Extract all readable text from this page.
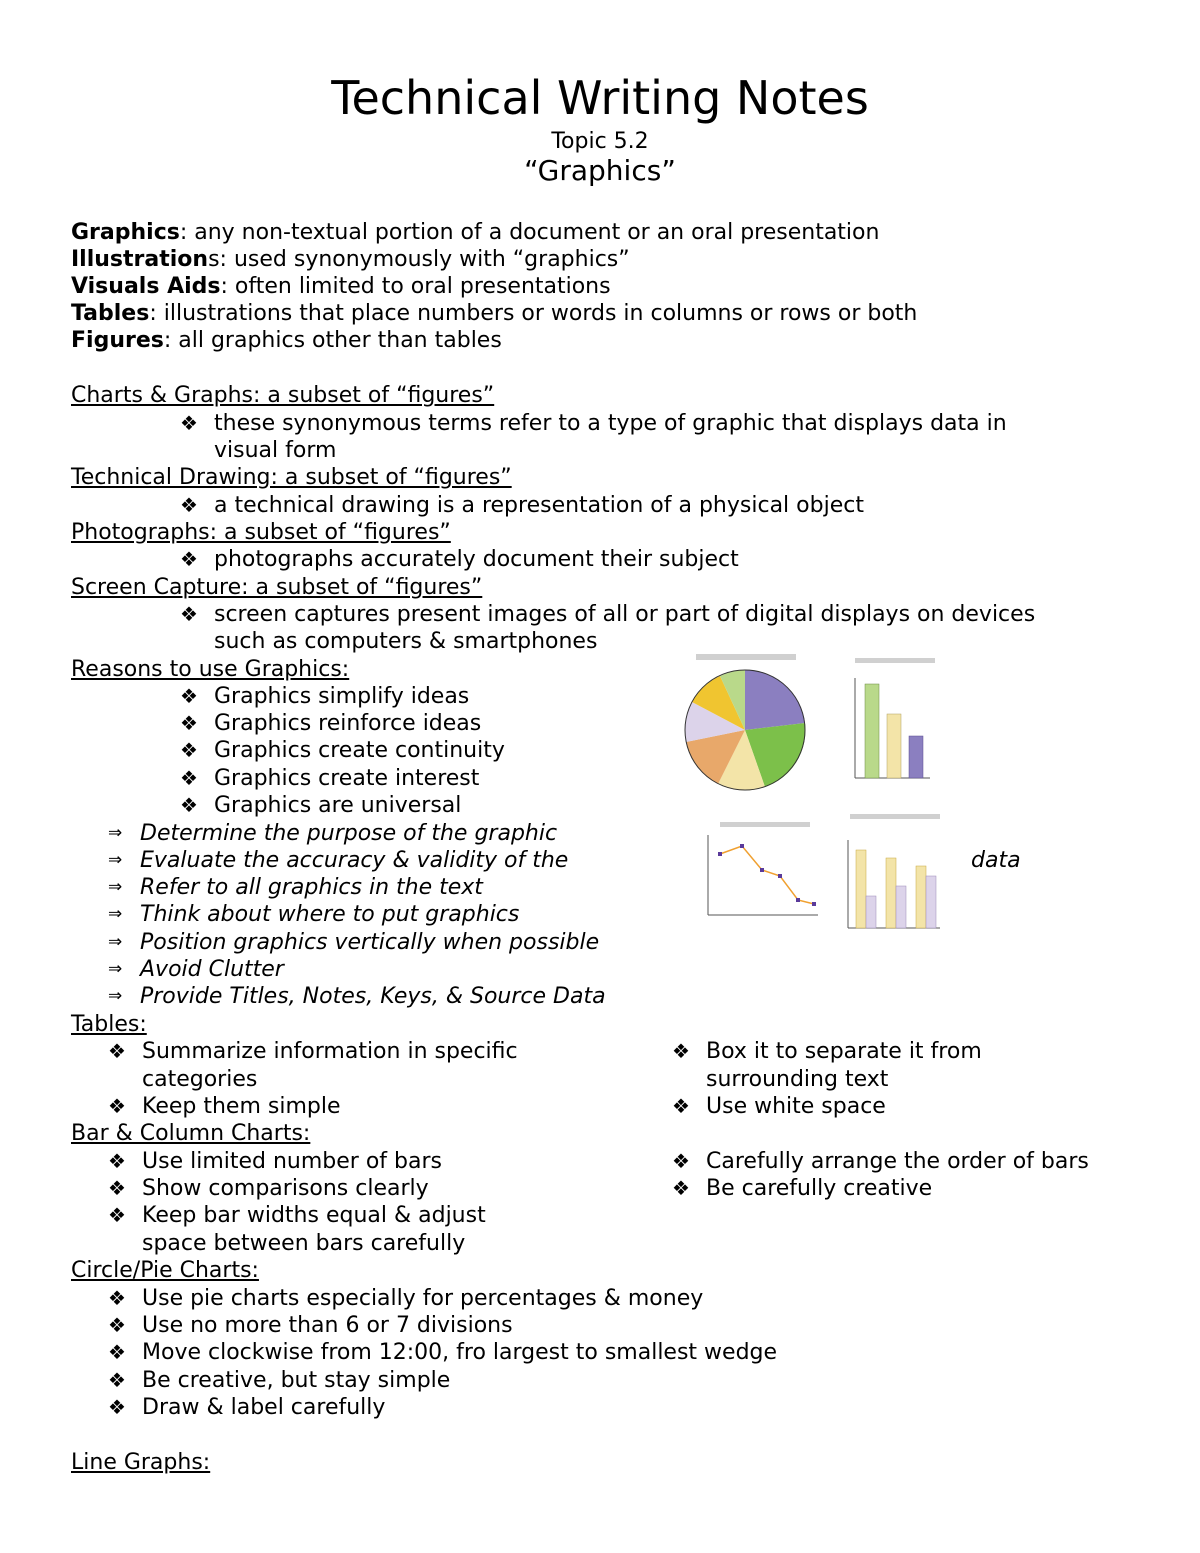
Technical Writing Notes
Topic 5.2
“Graphics”
Graphics: any non-textual portion of a document or an oral presentation
Illustrations: used synonymously with “graphics”
Visuals Aids: often limited to oral presentations
Tables: illustrations that place numbers or words in columns or rows or both
Figures: all graphics other than tables
Charts & Graphs: a subset of “figures”
❖ these synonymous terms refer to a type of graphic that displays data in
visual form
Technical Drawing: a subset of “figures”
❖ a technical drawing is a representation of a physical object
Photographs: a subset of “figures”
❖ photographs accurately document their subject
Screen Capture: a subset of “figures”
❖ screen captures present images of all or part of digital displays on devices
such as computers & smartphones
Reasons to use Graphics:
❖ Graphics simplify ideas
❖ Graphics reinforce ideas
❖ Graphics create continuity
❖ Graphics create interest
❖ Graphics are universal
⇒ Determine the purpose of the graphic
⇒ Evaluate the accuracy & validity of the	data
⇒ Refer to all graphics in the text
⇒ Think about where to put graphics
⇒ Position graphics vertically when possible
⇒ Avoid Clutter
⇒ Provide Titles, Notes, Keys, & Source Data
Tables:
❖ Summarize information in specific
categories
❖ Keep them simple
❖ Box it to separate it from
surrounding text
❖ Use white space
Bar & Column Charts:
❖ Use limited number of bars
❖ Show comparisons clearly
❖ Keep bar widths equal & adjust
space between bars carefully
❖ Carefully arrange the order of bars
❖ Be carefully creative
Circle/Pie Charts:
❖ Use pie charts especially for percentages & money
❖ Use no more than 6 or 7 divisions
❖ Move clockwise from 12:00, fro largest to smallest wedge
❖ Be creative, but stay simple
❖ Draw & label carefully
Line Graphs:
